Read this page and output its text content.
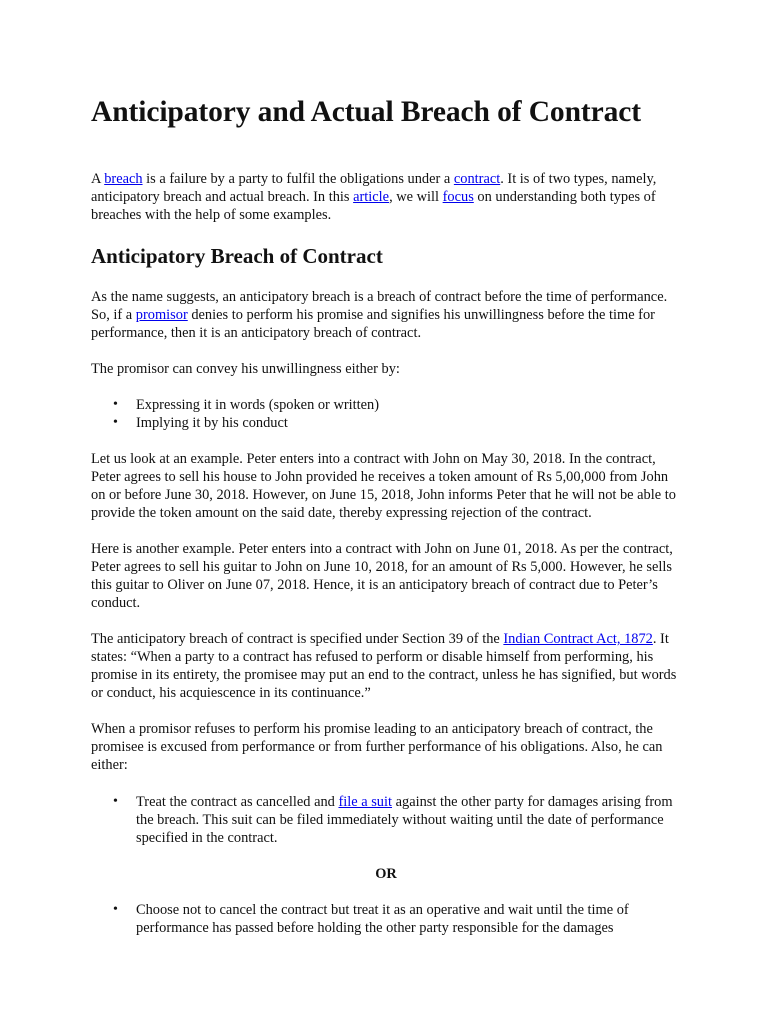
Anticipatory and Actual Breach of Contract

A breach is a failure by a party to fulfil the obligations under a contract. It is of two types, namely, anticipatory breach and actual breach. In this article, we will focus on understanding both types of breaches with the help of some examples.

Anticipatory Breach of Contract

As the name suggests, an anticipatory breach is a breach of contract before the time of performance. So, if a promisor denies to perform his promise and signifies his unwillingness before the time for performance, then it is an anticipatory breach of contract.

The promisor can convey his unwillingness either by:

• Expressing it in words (spoken or written)
• Implying it by his conduct

Let us look at an example. Peter enters into a contract with John on May 30, 2018. In the contract, Peter agrees to sell his house to John provided he receives a token amount of Rs 5,00,000 from John on or before June 30, 2018. However, on June 15, 2018, John informs Peter that he will not be able to provide the token amount on the said date, thereby expressing rejection of the contract.

Here is another example. Peter enters into a contract with John on June 01, 2018. As per the contract, Peter agrees to sell his guitar to John on June 10, 2018, for an amount of Rs 5,000. However, he sells this guitar to Oliver on June 07, 2018. Hence, it is an anticipatory breach of contract due to Peter’s conduct.

The anticipatory breach of contract is specified under Section 39 of the Indian Contract Act, 1872. It states: “When a party to a contract has refused to perform or disable himself from performing, his promise in its entirety, the promisee may put an end to the contract, unless he has signified, but words or conduct, his acquiescence in its continuance.”

When a promisor refuses to perform his promise leading to an anticipatory breach of contract, the promisee is excused from performance or from further performance of his obligations. Also, he can either:

• Treat the contract as cancelled and file a suit against the other party for damages arising from the breach. This suit can be filed immediately without waiting until the date of performance specified in the contract.

OR

• Choose not to cancel the contract but treat it as an operative and wait until the time of performance has passed before holding the other party responsible for the damages
